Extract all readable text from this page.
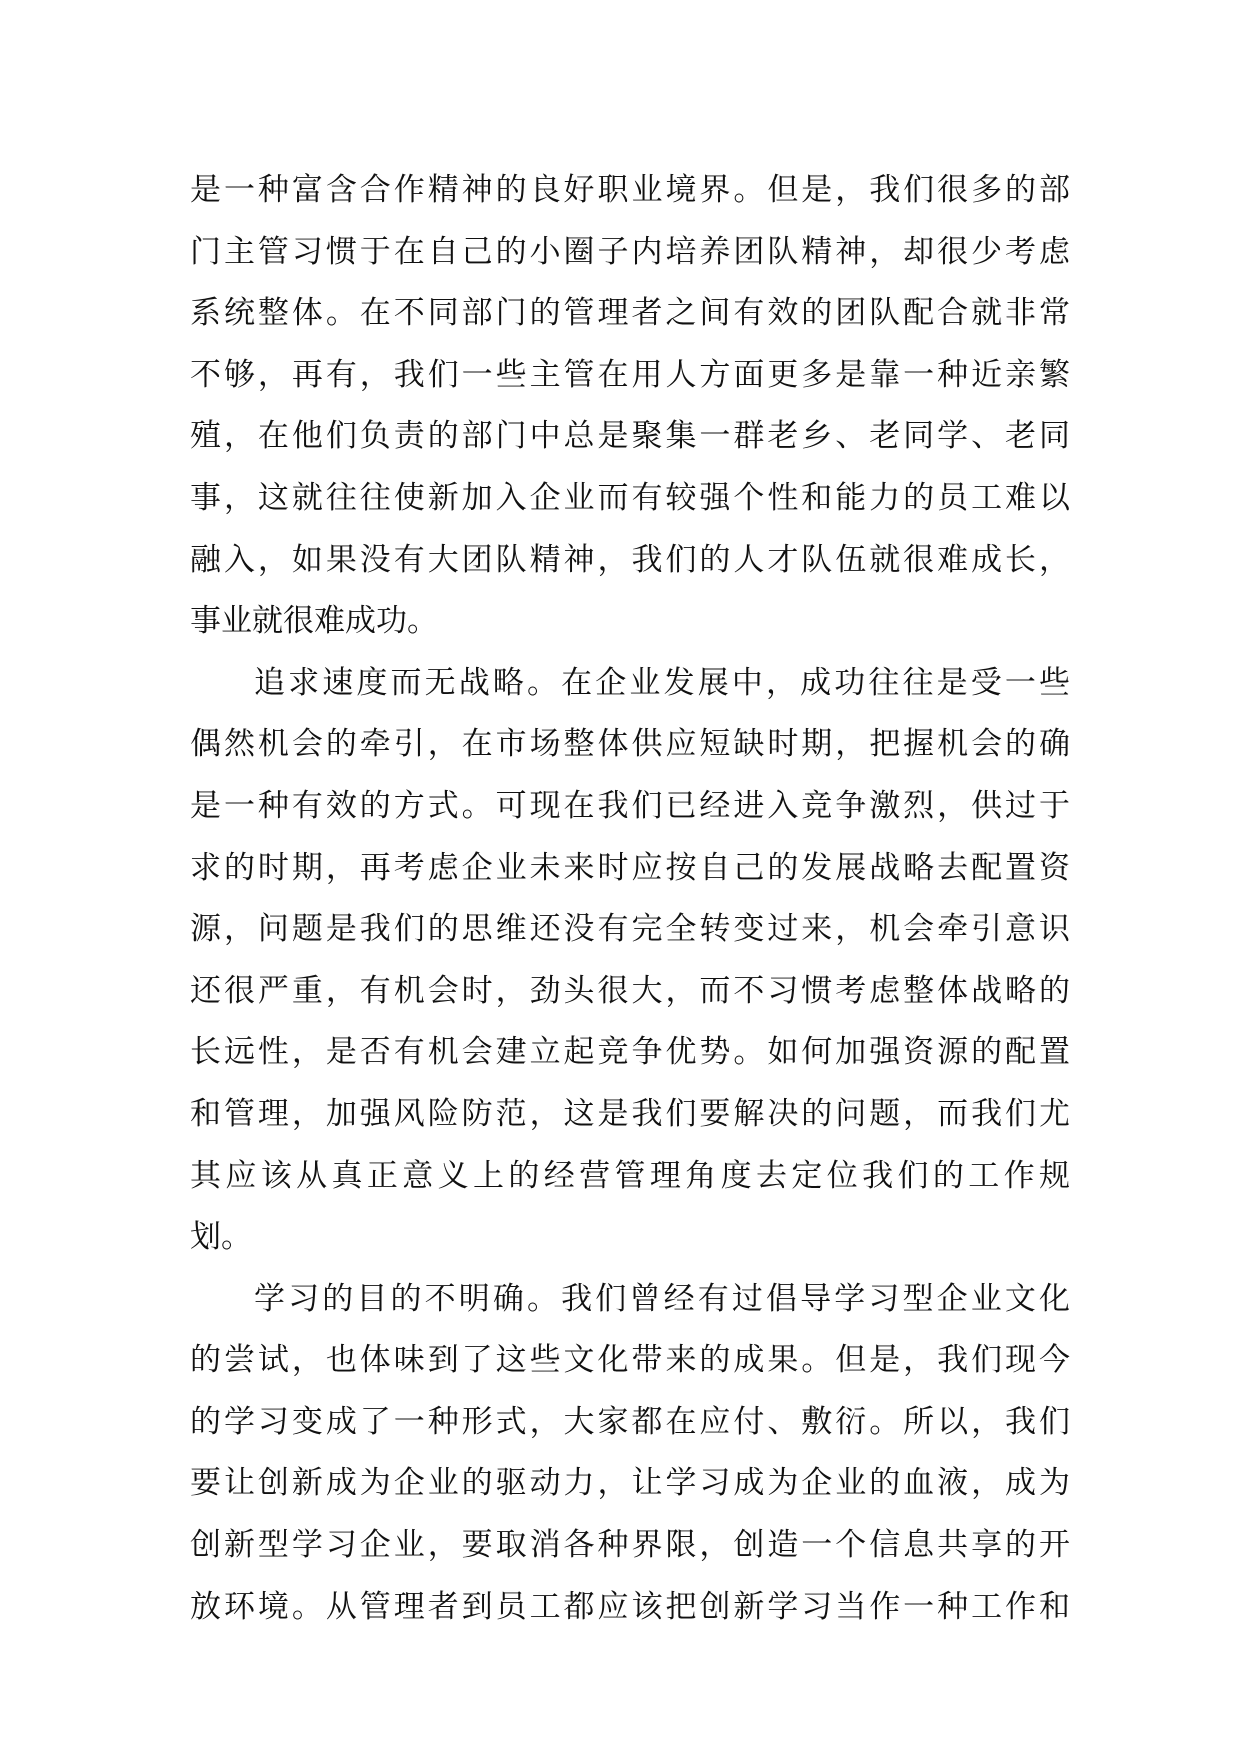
是一种富含合作精神的良好职业境界。但是，我们很多的部
门主管习惯于在自己的小圈子内培养团队精神，却很少考虑
系统整体。在不同部门的管理者之间有效的团队配合就非常
不够，再有，我们一些主管在用人方面更多是靠一种近亲繁
殖，在他们负责的部门中总是聚集一群老乡、老同学、老同
事，这就往往使新加入企业而有较强个性和能力的员工难以
融入，如果没有大团队精神，我们的人才队伍就很难成长，
事业就很难成功。

追求速度而无战略。在企业发展中，成功往往是受一些
偶然机会的牵引，在市场整体供应短缺时期，把握机会的确
是一种有效的方式。可现在我们已经进入竞争激烈，供过于
求的时期，再考虑企业未来时应按自己的发展战略去配置资
源，问题是我们的思维还没有完全转变过来，机会牵引意识
还很严重，有机会时，劲头很大，而不习惯考虑整体战略的
长远性，是否有机会建立起竞争优势。如何加强资源的配置
和管理，加强风险防范，这是我们要解决的问题，而我们尤
其应该从真正意义上的经营管理角度去定位我们的工作规
划。

学习的目的不明确。我们曾经有过倡导学习型企业文化
的尝试，也体味到了这些文化带来的成果。但是，我们现今
的学习变成了一种形式，大家都在应付、敷衍。所以，我们
要让创新成为企业的驱动力，让学习成为企业的血液，成为
创新型学习企业，要取消各种界限，创造一个信息共享的开
放环境。从管理者到员工都应该把创新学习当作一种工作和
